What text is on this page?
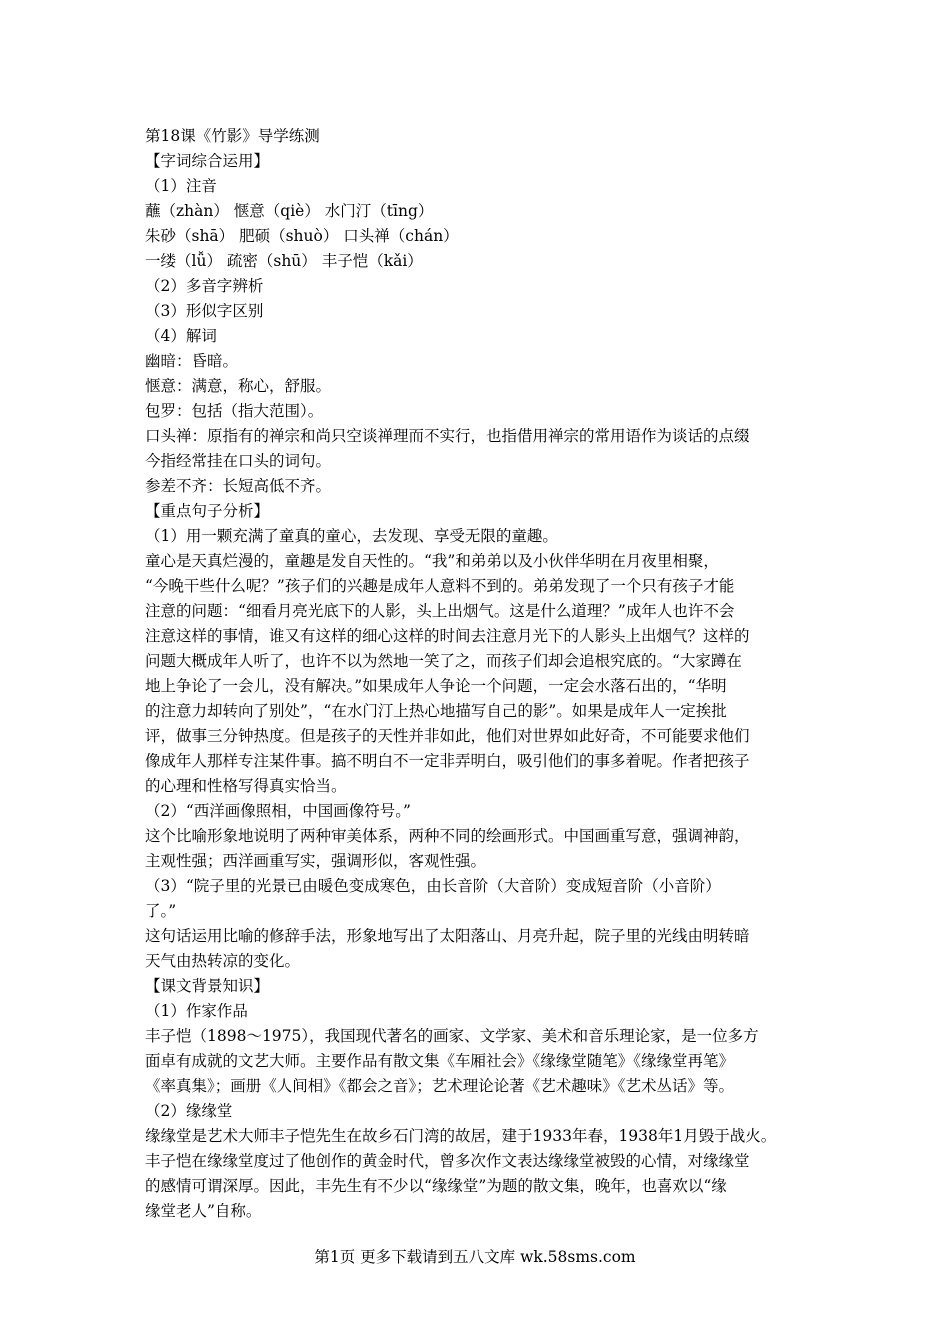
第18课《竹影》导学练测
【字词综合运用】
（1）注音
蘸（zhàn） 惬意（qiè） 水门汀（tīng）
朱砂（shā） 肥硕（shuò） 口头禅（chán）
一缕（lǚ） 疏密（shū） 丰子恺（kǎi）
（2）多音字辨析
（3）形似字区别
（4）解词
幽暗：昏暗。
惬意：满意，称心，舒服。
包罗：包括（指大范围）。
口头禅：原指有的禅宗和尚只空谈禅理而不实行，也指借用禅宗的常用语作为谈话的点缀
今指经常挂在口头的词句。
参差不齐：长短高低不齐。
【重点句子分析】
（1）用一颗充满了童真的童心，去发现、享受无限的童趣。
童心是天真烂漫的，童趣是发自天性的。“我”和弟弟以及小伙伴华明在月夜里相聚，
“今晚干些什么呢？”孩子们的兴趣是成年人意料不到的。弟弟发现了一个只有孩子才能
注意的问题：“细看月亮光底下的人影，头上出烟气。这是什么道理？”成年人也许不会
注意这样的事情，谁又有这样的细心这样的时间去注意月光下的人影头上出烟气？这样的
问题大概成年人听了，也许不以为然地一笑了之，而孩子们却会追根究底的。“大家蹲在
地上争论了一会儿，没有解决。”如果成年人争论一个问题，一定会水落石出的，“华明
的注意力却转向了别处”，“在水门汀上热心地描写自己的影”。如果是成年人一定挨批
评，做事三分钟热度。但是孩子的天性并非如此，他们对世界如此好奇，不可能要求他们
像成年人那样专注某件事。搞不明白不一定非弄明白，吸引他们的事多着呢。作者把孩子
的心理和性格写得真实恰当。
（2）“西洋画像照相，中国画像符号。”
这个比喻形象地说明了两种审美体系，两种不同的绘画形式。中国画重写意，强调神韵，
主观性强；西洋画重写实，强调形似，客观性强。
（3）“院子里的光景已由暖色变成寒色，由长音阶（大音阶）变成短音阶（小音阶）
了。”
这句话运用比喻的修辞手法，形象地写出了太阳落山、月亮升起，院子里的光线由明转暗
天气由热转凉的变化。
【课文背景知识】
（1）作家作品
丰子恺（1898～1975），我国现代著名的画家、文学家、美术和音乐理论家，是一位多方
面卓有成就的文艺大师。主要作品有散文集《车厢社会》《缘缘堂随笔》《缘缘堂再笔》
《率真集》；画册《人间相》《都会之音》；艺术理论论著《艺术趣味》《艺术丛话》等。
（2）缘缘堂
缘缘堂是艺术大师丰子恺先生在故乡石门湾的故居，建于1933年春，1938年1月毁于战火。
丰子恺在缘缘堂度过了他创作的黄金时代，曾多次作文表达缘缘堂被毁的心情，对缘缘堂
的感情可谓深厚。因此，丰先生有不少以“缘缘堂”为题的散文集，晚年，也喜欢以“缘
缘堂老人”自称。
第1页 更多下载请到五八文库 wk.58sms.com
